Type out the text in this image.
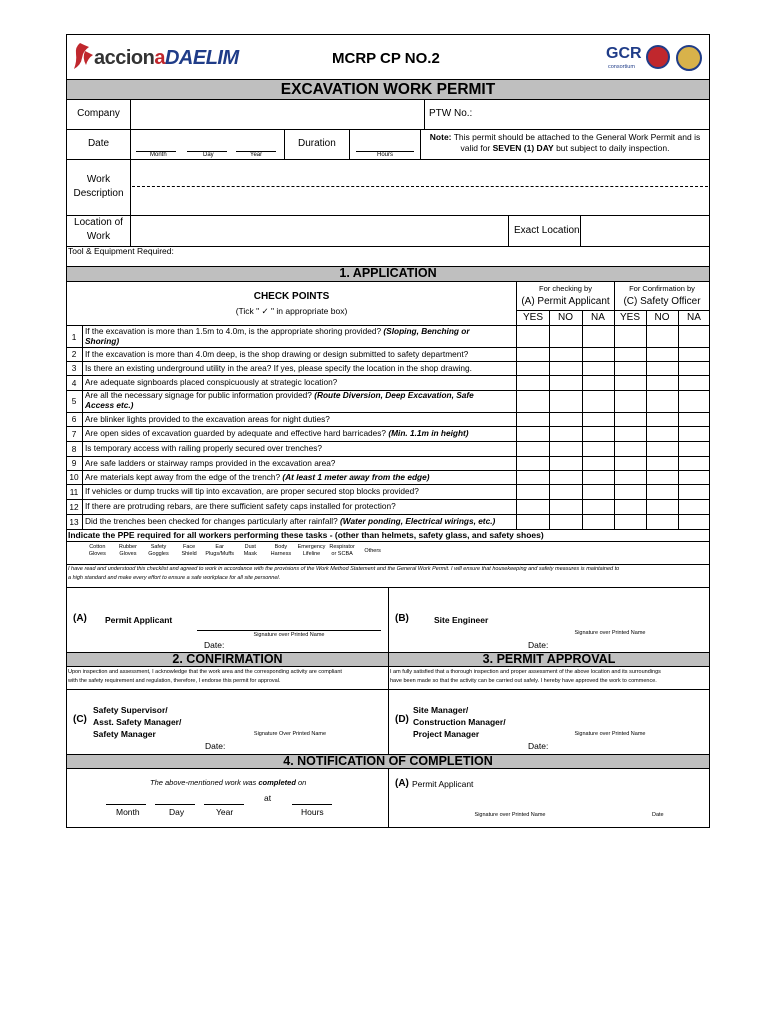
accionaDAELIM	MCRP CP NO.2	GCR
consortium
EXCAVATION WORK PERMIT
Company	PTW No.:
Date
Month	Day	Year
Duration
Hours
Note: This permit should be attached to the General Work Permit and is
valid for SEVEN (1) DAY but subject to daily inspection.
Work
Description
Location of
Work
Exact Location
Tool & Equipment Required:
1. APPLICATION
CHECK POINTS
(Tick " ✓ " in appropriate box)
For checking by
(A) Permit Applicant
For Confirmation by
(C) Safety Officer
YES	NO	NA	YES	NO	NA
1
If the excavation is more than 1.5m to 4.0m, is the appropriate shoring provided? (Sloping, Benching or
Shoring)
2	If the excavation is more than 4.0m deep, is the shop drawing or design submitted to safety department?
3	Is there an existing underground utility in the area? If yes, please specify the location in the shop drawing.
4	Are adequate signboards placed conspicuously at strategic location?
5
Are all the necessary signage for public information provided? (Route Diversion, Deep Excavation, Safe
Access etc.)
6	Are blinker lights provided to the excavation areas for night duties?
7	Are open sides of excavation guarded by adequate and effective hard barricades? (Min. 1.1m in height)
8	Is temporary access with railing properly secured over trenches?
9	Are safe ladders or stairway ramps provided in the excavation area?
10 Are materials kept away from the edge of the trench? (At least 1 meter away from the edge)
11 If vehicles or dump trucks will tip into excavation, are proper secured stop blocks provided?
12 If there are protruding rebars, are there sufficient safety caps installed for protection?
13 Did the trenches been checked for changes particularly after rainfall? (Water ponding, Electrical wirings, etc.)
Indicate the PPE required for all workers performing these tasks - (other than helmets, safety glass, and safety shoes)
Cotton
Gloves
Rubber
Gloves
Safety
Goggles
Face
Shield
Ear
Plugs/Muffs
Dust
Mask
Body
Harness
Emergency
Lifeline
Respirator
or SCBA	Others
I have read and understood this checklist and agreed to work in accordance with the provisions of the Work Method Statement and the General Work Permit. I will ensure that housekeeping and safety measures is maintained to
a high standard and make every effort to ensure a safe workplace for all site personnel.
(A) Permit Applicant
Signature over Printed Name
Date:
(B)	Site Engineer
Signature over Printed Name
Date:
2. CONFIRMATION	3. PERMIT APPROVAL
Upon inspection and assessment, I acknowledge that the work area and the corresponding activity are compliant
with the safety requirement and regulation, therefore, I endorse this permit for approval.
I am fully satisfied that a thorough inspection and proper assessment of the above location and its surroundings
have been made so that the activity can be carried out safely. I hereby have approved the work to commence.
Safety Supervisor/
Asst. Safety Manager/
Safety Manager
(C)
Signature Over Printed Name
Date:
Site Manager/
Construction Manager/
Project Manager
(D)
Signature over Printed Name
Date:
4. NOTIFICATION OF COMPLETION
The above-mentioned work was completed on
at
Month	Day	Year	Hours
(A) Permit Applicant
Signature over Printed Name	Date
